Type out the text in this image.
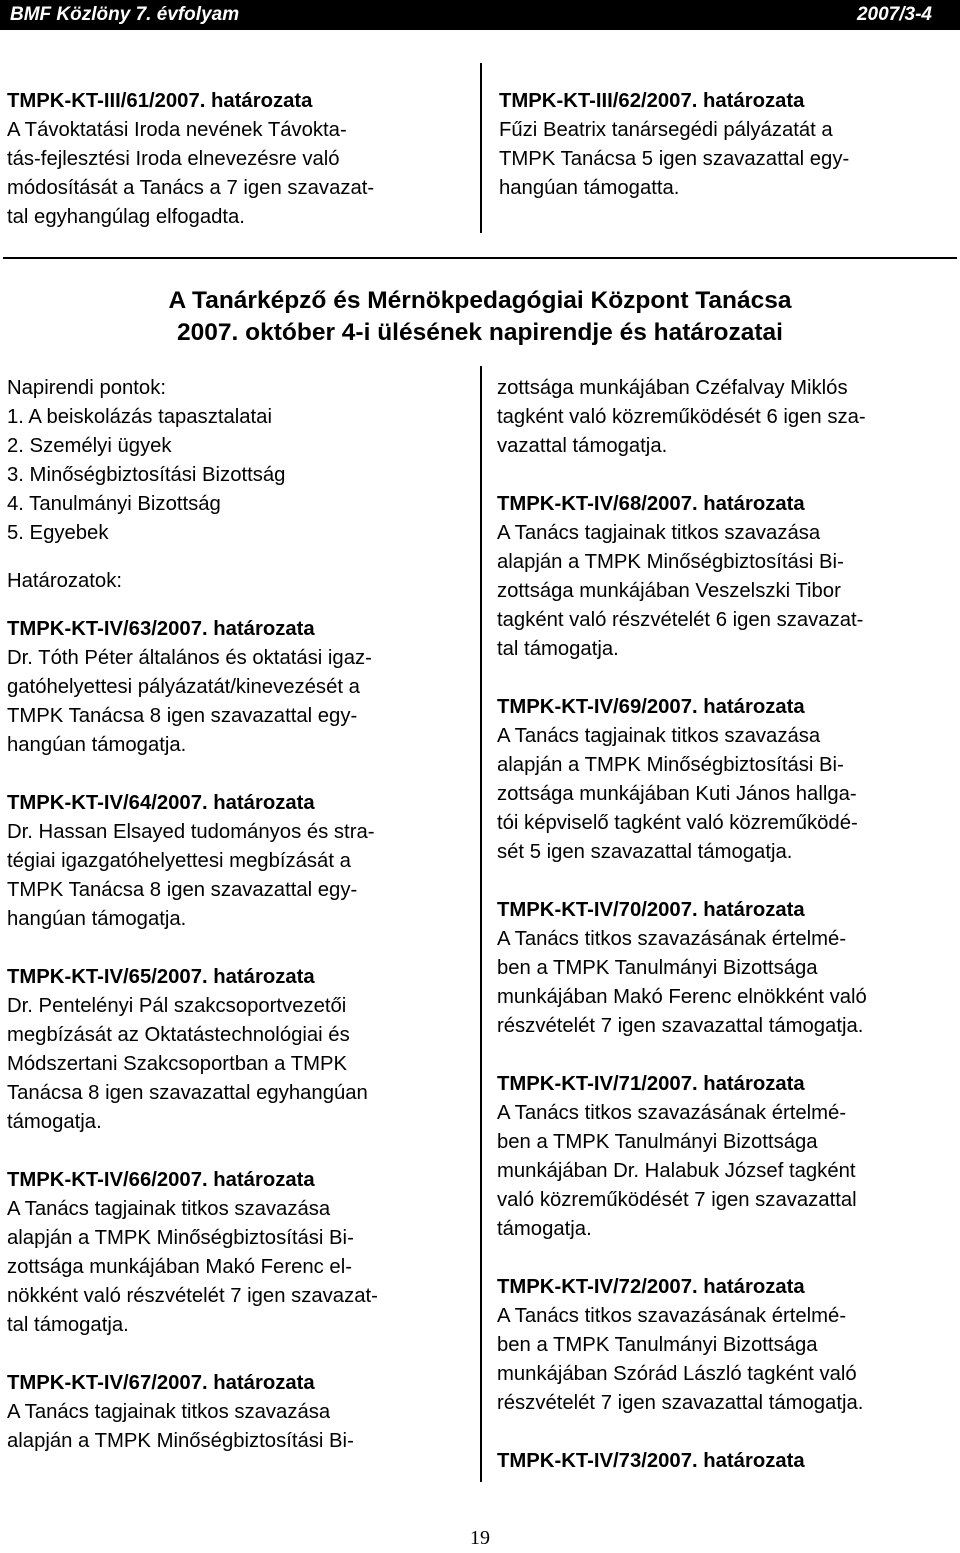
BMF Közlöny 7. évfolyam	2007/3-4

TMPK-KT-III/61/2007. határozata

A Távoktatási Iroda nevének Távokta-

tás-fejlesztési Iroda elnevezésre való

módosítását a Tanács a 7 igen szavazat-

tal egyhangúlag elfogadta.

TMPK-KT-III/62/2007. határozata

Fűzi Beatrix tanársegédi pályázatát a

TMPK Tanácsa 5 igen szavazattal egy-

hangúan támogatta.

A Tanárképző és Mérnökpedagógiai Központ Tanácsa
2007. október 4-i ülésének napirendje és határozatai

Napirendi pontok:

1. A beiskolázás tapasztalatai

2. Személyi ügyek

3. Minőségbiztosítási Bizottság

4. Tanulmányi Bizottság

5. Egyebek

Határozatok:

TMPK-KT-IV/63/2007. határozata

Dr. Tóth Péter általános és oktatási igaz-

gatóhelyettesi pályázatát/kinevezését a

TMPK Tanácsa 8 igen szavazattal egy-

hangúan támogatja.

TMPK-KT-IV/64/2007. határozata

Dr. Hassan Elsayed tudományos és stra-

tégiai igazgatóhelyettesi megbízását a

TMPK Tanácsa 8 igen szavazattal egy-

hangúan támogatja.

TMPK-KT-IV/65/2007. határozata

Dr. Pentelényi Pál szakcsoportvezetői

megbízását az Oktatástechnológiai és

Módszertani Szakcsoportban a TMPK

Tanácsa 8 igen szavazattal egyhangúan

támogatja.

TMPK-KT-IV/66/2007. határozata

A Tanács tagjainak titkos szavazása

alapján a TMPK Minőségbiztosítási Bi-

zottsága munkájában Makó Ferenc el-

nökként való részvételét 7 igen szavazat-

tal támogatja.

TMPK-KT-IV/67/2007. határozata

A Tanács tagjainak titkos szavazása

alapján a TMPK Minőségbiztosítási Bi-

zottsága munkájában Czéfalvay Miklós

tagként való közreműködését 6 igen sza-

vazattal támogatja.

TMPK-KT-IV/68/2007. határozata

A Tanács tagjainak titkos szavazása

alapján a TMPK Minőségbiztosítási Bi-

zottsága munkájában Veszelszki Tibor

tagként való részvételét 6 igen szavazat-

tal támogatja.

TMPK-KT-IV/69/2007. határozata

A Tanács tagjainak titkos szavazása

alapján a TMPK Minőségbiztosítási Bi-

zottsága munkájában Kuti János hallga-

tói képviselő tagként való közreműködé-

sét 5 igen szavazattal támogatja.

TMPK-KT-IV/70/2007. határozata

A Tanács titkos szavazásának értelmé-

ben a TMPK Tanulmányi Bizottsága

munkájában Makó Ferenc elnökként való

részvételét 7 igen szavazattal támogatja.

TMPK-KT-IV/71/2007. határozata

A Tanács titkos szavazásának értelmé-

ben a TMPK Tanulmányi Bizottsága

munkájában Dr. Halabuk József tagként

való közreműködését 7 igen szavazattal

támogatja.

TMPK-KT-IV/72/2007. határozata

A Tanács titkos szavazásának értelmé-

ben a TMPK Tanulmányi Bizottsága

munkájában Szórád László tagként való

részvételét 7 igen szavazattal támogatja.

TMPK-KT-IV/73/2007. határozata

19
